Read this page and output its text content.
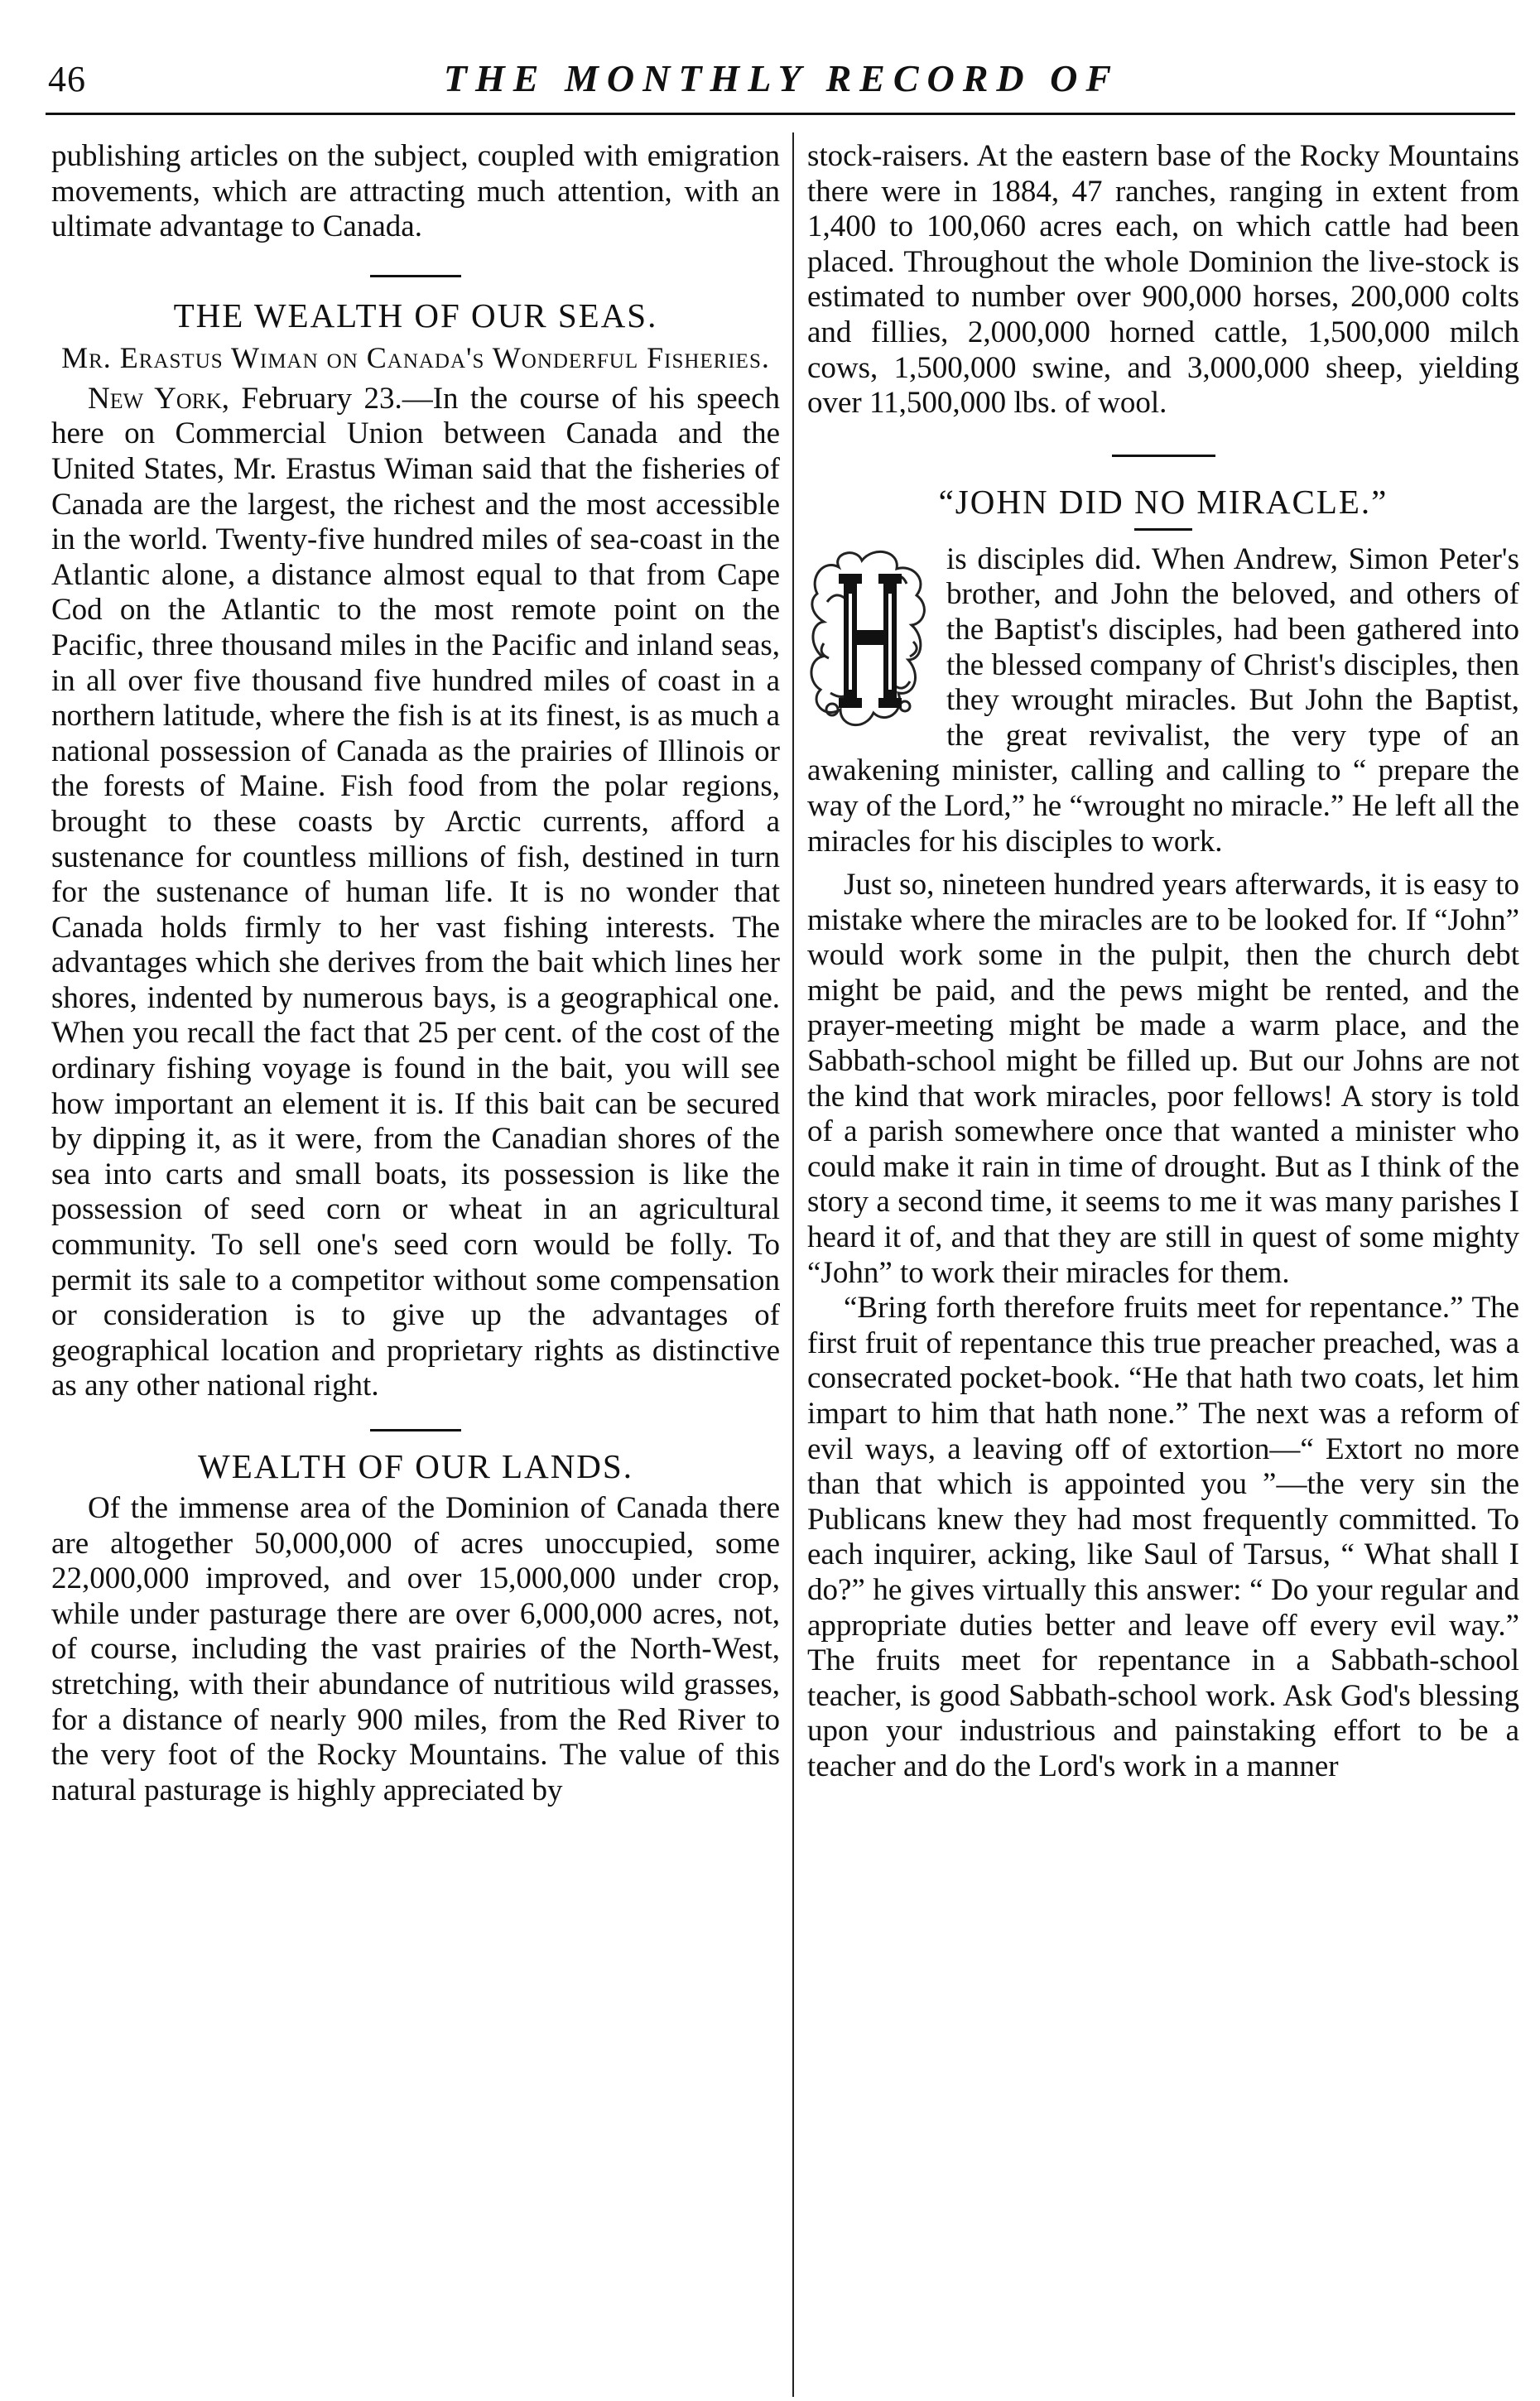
46	THE MONTHLY RECORD OF

publishing articles on the subject, coupled with emigration movements, which are attracting much attention, with an ultimate advantage to Canada.

THE WEALTH OF OUR SEAS.
Mr. Erastus Wiman on Canada's Wonderful Fisheries.

New York, February 23.—In the course of his speech here on Commercial Union between Canada and the United States, Mr. Erastus Wiman said that the fisheries of Canada are the largest, the richest and the most accessible in the world. Twenty-five hundred miles of sea-coast in the Atlantic alone, a distance almost equal to that from Cape Cod on the Atlantic to the most remote point on the Pacific, three thousand miles in the Pacific and inland seas, in all over five thousand five hundred miles of coast in a northern latitude, where the fish is at its finest, is as much a national possession of Canada as the prairies of Illinois or the forests of Maine. Fish food from the polar regions, brought to these coasts by Arctic currents, afford a sustenance for countless millions of fish, destined in turn for the sustenance of human life. It is no wonder that Canada holds firmly to her vast fishing interests. The advantages which she derives from the bait which lines her shores, indented by numerous bays, is a geographical one. When you recall the fact that 25 per cent. of the cost of the ordinary fishing voyage is found in the bait, you will see how important an element it is. If this bait can be secured by dipping it, as it were, from the Canadian shores of the sea into carts and small boats, its possession is like the possession of seed corn or wheat in an agricultural community. To sell one's seed corn would be folly. To permit its sale to a competitor without some compensation or consideration is to give up the advantages of geographical location and proprietary rights as distinctive as any other national right.

WEALTH OF OUR LANDS.

Of the immense area of the Dominion of Canada there are altogether 50,000,000 of acres unoccupied, some 22,000,000 improved, and over 15,000,000 under crop, while under pasturage there are over 6,000,000 acres, not, of course, including the vast prairies of the North-West, stretching, with their abundance of nutritious wild grasses, for a distance of nearly 900 miles, from the Red River to the very foot of the Rocky Mountains. The value of this natural pasturage is highly appreciated by

stock-raisers. At the eastern base of the Rocky Mountains there were in 1884, 47 ranches, ranging in extent from 1,400 to 100,060 acres each, on which cattle had been placed. Throughout the whole Dominion the live-stock is estimated to number over 900,000 horses, 200,000 colts and fillies, 2,000,000 horned cattle, 1,500,000 milch cows, 1,500,000 swine, and 3,000,000 sheep, yielding over 11,500,000 lbs. of wool.

“JOHN DID NO MIRACLE.”

is disciples did. When Andrew, Simon Peter's brother, and John the beloved, and others of the Baptist's disciples, had been gathered into the blessed company of Christ's disciples, then they wrought miracles. But John the Baptist, the great revivalist, the very type of an awakening minister, calling and calling to “ prepare the way of the Lord,” he “wrought no miracle.” He left all the miracles for his disciples to work.

Just so, nineteen hundred years afterwards, it is easy to mistake where the miracles are to be looked for. If “John” would work some in the pulpit, then the church debt might be paid, and the pews might be rented, and the prayer-meeting might be made a warm place, and the Sabbath-school might be filled up. But our Johns are not the kind that work miracles, poor fellows! A story is told of a parish somewhere once that wanted a minister who could make it rain in time of drought. But as I think of the story a second time, it seems to me it was many parishes I heard it of, and that they are still in quest of some mighty “John” to work their miracles for them.

“Bring forth therefore fruits meet for repentance.” The first fruit of repentance this true preacher preached, was a consecrated pocket-book. “He that hath two coats, let him impart to him that hath none.” The next was a reform of evil ways, a leaving off of extortion—“ Extort no more than that which is appointed you ”—the very sin the Publicans knew they had most frequently committed. To each inquirer, acking, like Saul of Tarsus, “ What shall I do?” he gives virtually this answer: “ Do your regular and appropriate duties better and leave off every evil way.” The fruits meet for repentance in a Sabbath-school teacher, is good Sabbath-school work. Ask God's blessing upon your industrious and painstaking effort to be a teacher and do the Lord's work in a manner
